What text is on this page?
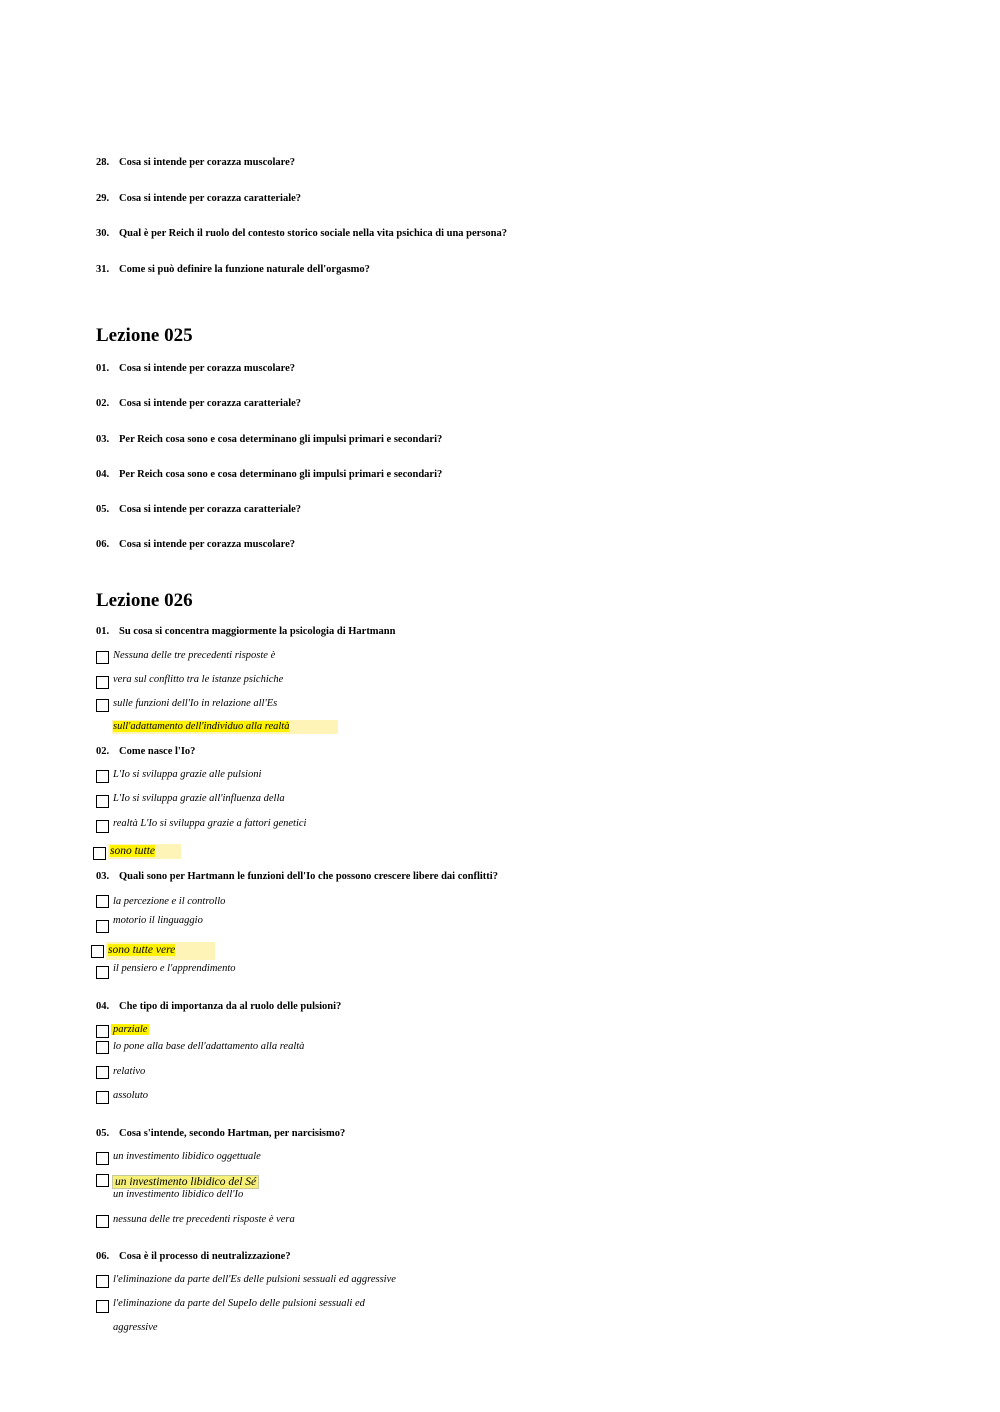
28. Cosa si intende per corazza muscolare?
29. Cosa si intende per corazza caratteriale?
30. Qual è per Reich il ruolo del contesto storico sociale nella vita psichica di una persona?
31. Come si può definire la funzione naturale dell'orgasmo?
Lezione 025
01. Cosa si intende per corazza muscolare?
02. Cosa si intende per corazza caratteriale?
03. Per Reich cosa sono e cosa determinano gli impulsi primari e secondari?
04. Per Reich cosa sono e cosa determinano gli impulsi primari e secondari?
05. Cosa si intende per corazza caratteriale?
06. Cosa si intende per corazza muscolare?
Lezione 026
01. Su cosa si concentra maggiormente la psicologia di Hartmann
Nessuna delle tre precedenti risposte è
vera sul conflitto tra le istanze psichiche
sulle funzioni dell'Io in relazione all'Es
sull'adattamento dell'individuo alla realtà
02. Come nasce l'Io?
L'Io si sviluppa grazie alle pulsioni
L'Io si sviluppa grazie all'influenza della
realtà L'Io si sviluppa grazie a fattori genetici
sono tutte
03. Quali sono per Hartmann le funzioni dell'Io che possono crescere libere dai conflitti?
la percezione e il controllo
motorio il linguaggio
sono tutte vere
il pensiero e l'apprendimento
04. Che tipo di importanza da al ruolo delle pulsioni?
parziale
lo pone alla base dell'adattamento alla realtà
relativo
assoluto
05. Cosa s'intende, secondo Hartman, per narcisismo?
un investimento libidico oggettuale
un investimento libidico del Sé
un investimento libidico dell'Io
nessuna delle tre precedenti risposte è vera
06. Cosa è il processo di neutralizzazione?
l'eliminazione da parte dell'Es delle pulsioni sessuali ed aggressive
l'eliminazione da parte del SupeIo delle pulsioni sessuali ed
aggressive
